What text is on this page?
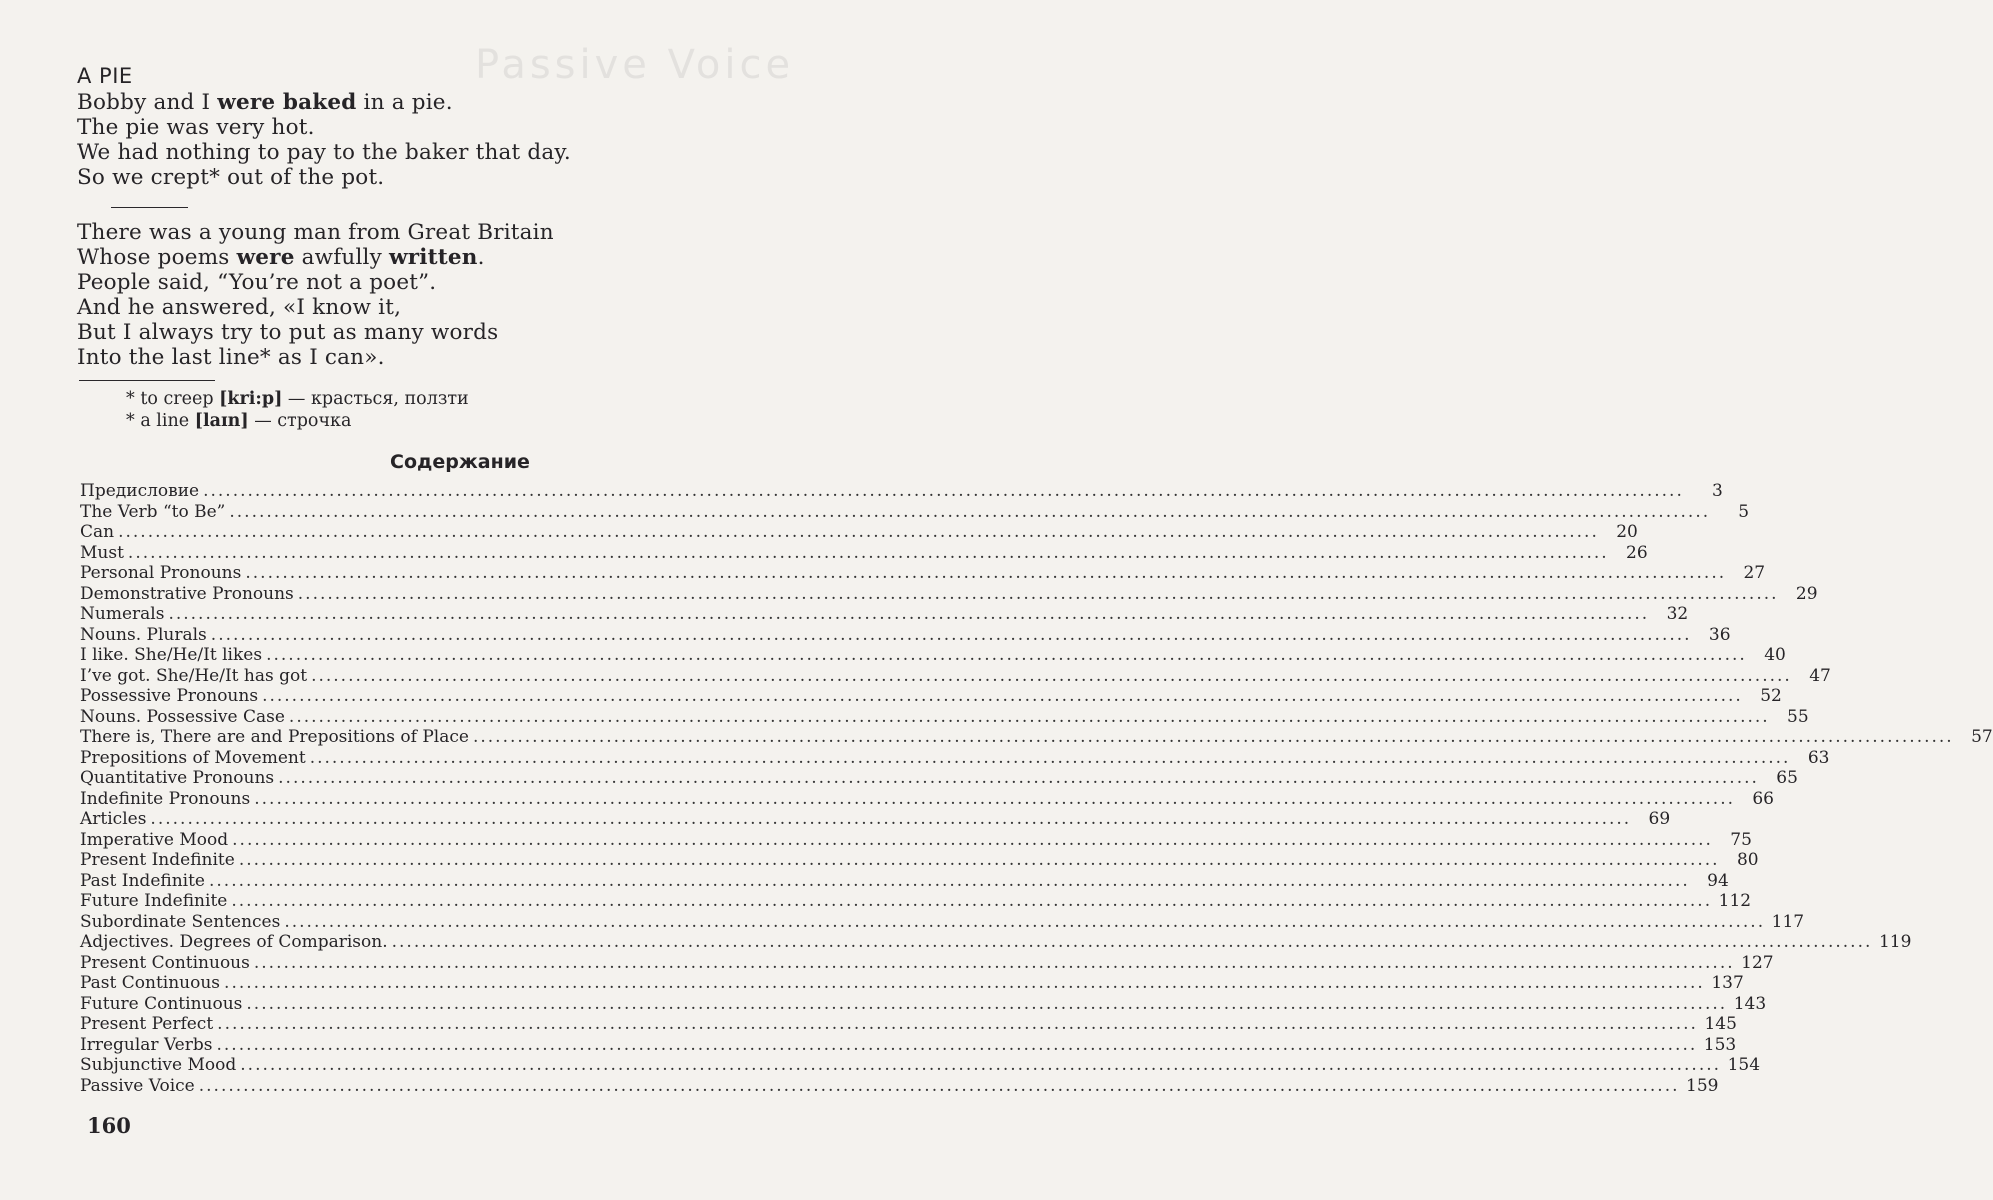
Passive Voice
A PIE
Bobby and I were baked in a pie.
The pie was very hot.
We had nothing to pay to the baker that day.
So we crept* out of the pot.
There was a young man from Great Britain
Whose poems were awfully written.
People said, “You’re not a poet”.
And he answered, «I know it,
But I always try to put as many words
Into the last line* as I can».
* to creep [kri:p] — красться, ползти
* a line [laɪn] — строчка
Содержание
Предисловие ........................................................................................................................................................................................................	3
The Verb “to Be” ........................................................................................................................................................................................................	5
Can ........................................................................................................................................................................................................	20
Must ........................................................................................................................................................................................................	26
Personal Pronouns ........................................................................................................................................................................................................	27
Demonstrative Pronouns ........................................................................................................................................................................................................	29
Numerals ........................................................................................................................................................................................................	32
Nouns. Plurals ........................................................................................................................................................................................................	36
I like. She/He/It likes ........................................................................................................................................................................................................	40
I’ve got. She/He/It has got ........................................................................................................................................................................................................	47
Possessive Pronouns ........................................................................................................................................................................................................	52
Nouns. Possessive Case ........................................................................................................................................................................................................	55
There is, There are and Prepositions of Place ........................................................................................................................................................................................................	57
Prepositions of Movement ........................................................................................................................................................................................................	63
Quantitative Pronouns ........................................................................................................................................................................................................	65
Indefinite Pronouns ........................................................................................................................................................................................................	66
Articles ........................................................................................................................................................................................................	69
Imperative Mood ........................................................................................................................................................................................................	75
Present Indefinite ........................................................................................................................................................................................................	80
Past Indefinite ........................................................................................................................................................................................................	94
Future Indefinite ........................................................................................................................................................................................................ 112
Subordinate Sentences ........................................................................................................................................................................................................ 117
Adjectives. Degrees of Comparison. ........................................................................................................................................................................................................ 119
Present Continuous ........................................................................................................................................................................................................ 127
Past Continuous ........................................................................................................................................................................................................ 137
Future Continuous ........................................................................................................................................................................................................ 143
Present Perfect ........................................................................................................................................................................................................ 145
Irregular Verbs ........................................................................................................................................................................................................ 153
Subjunctive Mood ........................................................................................................................................................................................................ 154
Passive Voice ........................................................................................................................................................................................................ 159
160
